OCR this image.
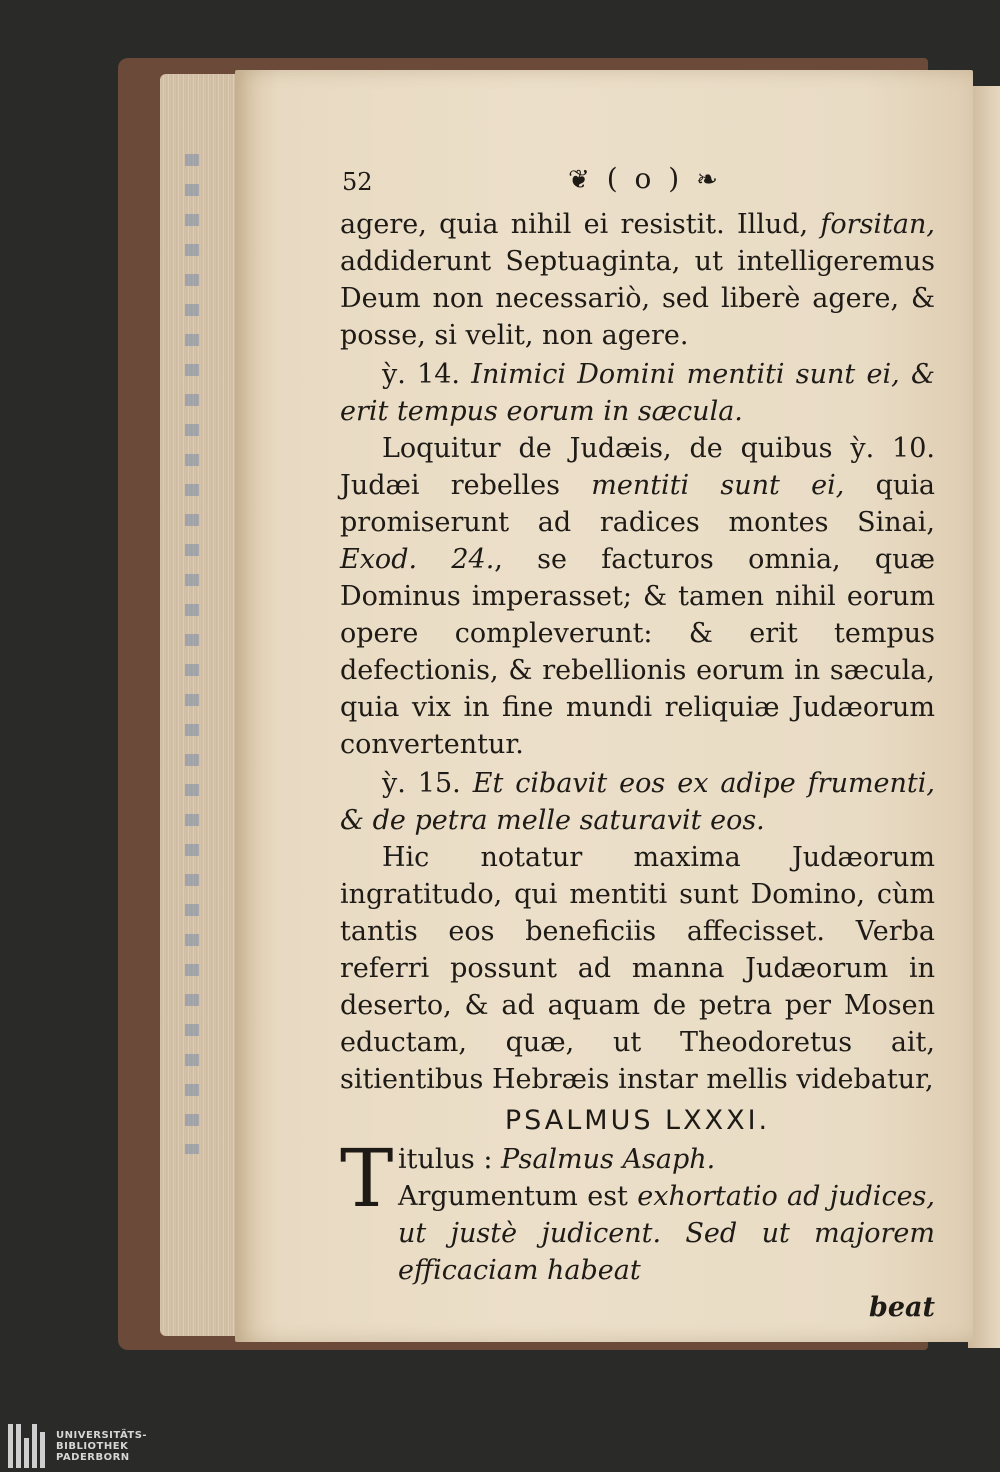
52	❦ ( o ) ❧

agere, quia nihil ei resistit. Illud, forsitan, addiderunt Septuaginta, ut intelligeremus Deum non necessariò, sed liberè agere, & posse, si velit, non agere.

ỳ. 14. Inimici Domini mentiti sunt ei, & erit tempus eorum in sæcula.

Loquitur de Judæis, de quibus ỳ. 10. Judæi rebelles mentiti sunt ei, quia promiserunt ad radices montes Sinai, Exod. 24., se facturos omnia, quæ Dominus imperasset; & tamen nihil eorum opere compleverunt: & erit tempus defectionis, & rebellionis eorum in sæcula, quia vix in fine mundi reliquiæ Judæorum convertentur.

ỳ. 15. Et cibavit eos ex adipe frumenti, & de petra melle saturavit eos.

Hic notatur maxima Judæorum ingratitudo, qui mentiti sunt Domino, cùm tantis eos beneficiis affecisset. Verba referri possunt ad manna Judæorum in deserto, & ad aquam de petra per Mosen eductam, quæ, ut Theodoretus ait, sitientibus Hebræis instar mellis videbatur,

PSALMUS LXXXI.

T itulus : Psalmus Asaph.

Argumentum est exhortatio ad judices, ut justè judicent. Sed ut majorem efficaciam habeat

beat

UNIVERSITÄTS-
BIBLIOTHEK
PADERBORN
